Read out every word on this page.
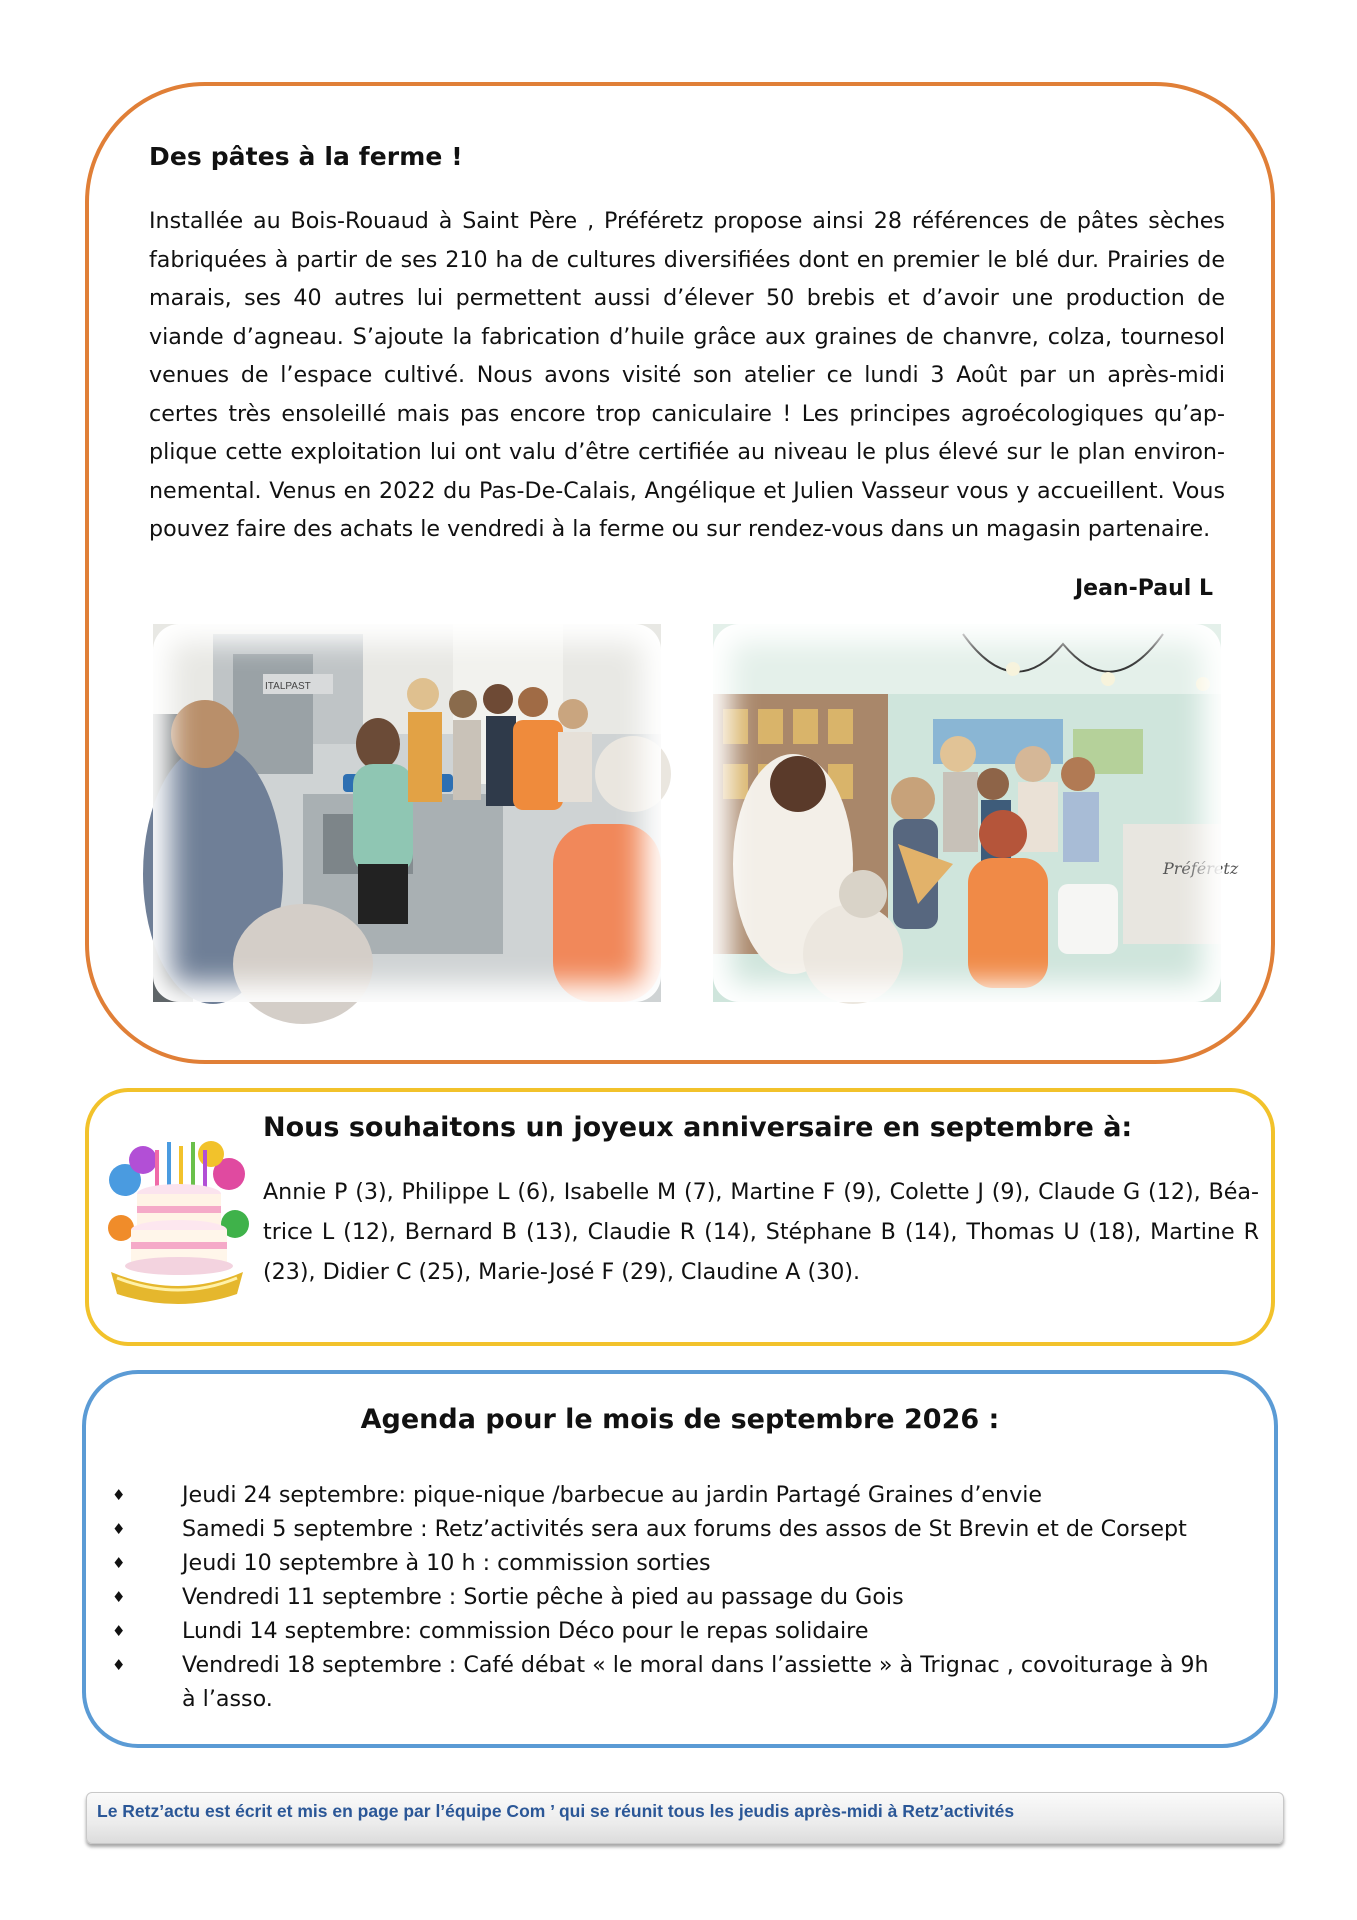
Des pâtes à la ferme !

Installée au Bois-Rouaud à Saint Père , Préféretz propose ainsi 28 références de pâtes sèches fabriquées à partir de ses 210 ha de cultures diversifiées dont en premier le blé dur. Prairies de marais, ses 40 autres lui permettent aussi d’élever 50 brebis et d’avoir une production de viande d’agneau. S’ajoute la fabrication d’huile grâce aux graines de chanvre, colza, tournesol venues de l’espace cultivé. Nous avons visité son atelier ce lundi 3 Août par un après-midi certes très ensoleillé mais pas encore trop caniculaire ! Les principes agroécologiques qu’applique cette exploitation lui ont valu d’être certifiée au niveau le plus élevé sur le plan environnemental. Venus en 2022 du Pas-De-Calais, Angélique et Julien Vasseur vous y accueillent. Vous pouvez faire des achats le vendredi à la ferme ou sur rendez-vous dans un magasin partenaire.

Jean-Paul L
ITALPAST
Préféretz
Nous souhaitons un joyeux anniversaire en septembre à:

Annie P (3), Philippe L (6), Isabelle M (7), Martine F (9), Colette J (9), Claude G (12), Béatrice L (12), Bernard B (13), Claudie R (14), Stéphane B (14), Thomas U (18), Martine R (23), Didier C (25), Marie-José F (29), Claudine A (30).

Agenda pour le mois de septembre 2026 :
♦	Jeudi 24 septembre: pique-nique /barbecue au jardin Partagé Graines d’envie
♦	Samedi 5 septembre : Retz’activités sera aux forums des assos de St Brevin et de Corsept
♦	Jeudi 10 septembre à 10 h : commission sorties
♦	Vendredi 11 septembre : Sortie pêche à pied au passage du Gois
♦	Lundi 14 septembre: commission Déco pour le repas solidaire
♦	Vendredi 18 septembre : Café débat « le moral dans l’assiette » à Trignac , covoiturage à 9h à l’asso.
Le Retz’actu est écrit et mis en page par l’équipe Com ’ qui se réunit tous les jeudis après-midi à Retz’activités
